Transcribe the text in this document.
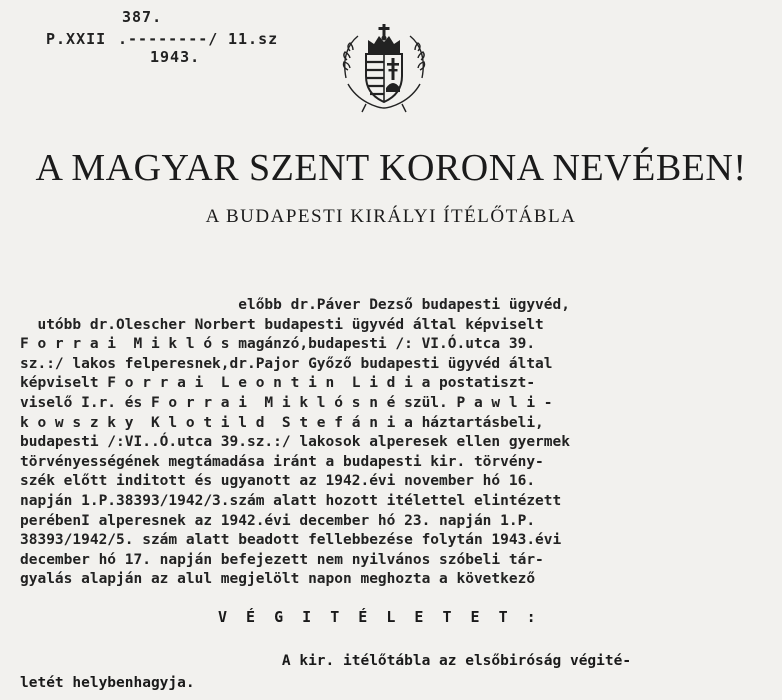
387.
P.XXII .--------/ 11.sz
1943.
A MAGYAR SZENT KORONA NEVÉBEN!
A BUDAPESTI KIRÁLYI ÍTÉLŐTÁBLA
előbb dr.Páver Dezső budapesti ügyvéd,
utóbb dr.Olescher Norbert budapesti ügyvéd által képviselt
F o r r a i  M i k l ó s magánzó,budapesti /: VI.Ó.utca 39.
sz.:/ lakos felperesnek,dr.Pajor Győző budapesti ügyvéd által
képviselt F o r r a i  L e o n t i n  L i d i a postatiszt-
viselő I.r. és F o r r a i  M i k l ó s n é szül. P a w l i -
k o w s z k y  K l o t i l d  S t e f á n i a háztartásbeli,
budapesti /:VI..Ó.utca 39.sz.:/ lakosok alperesek ellen gyermek
törvényességének megtámadása iránt a budapesti kir. törvény-
szék előtt inditott és ugyanott az 1942.évi november hó 16.
napján 1.P.38393/1942/3.szám alatt hozott itélettel elintézett
perébenI alperesnek az 1942.évi december hó 23. napján 1.P.
38393/1942/5. szám alatt beadott fellebbezése folytán 1943.évi
december hó 17. napján befejezett nem nyilvános szóbeli tár-
gyalás alapján az alul megjelölt napon meghozta a következő
V É G I T É L E T E T :
A kir. itélőtábla az elsőbiróság végité-
letét helybenhagyja.
